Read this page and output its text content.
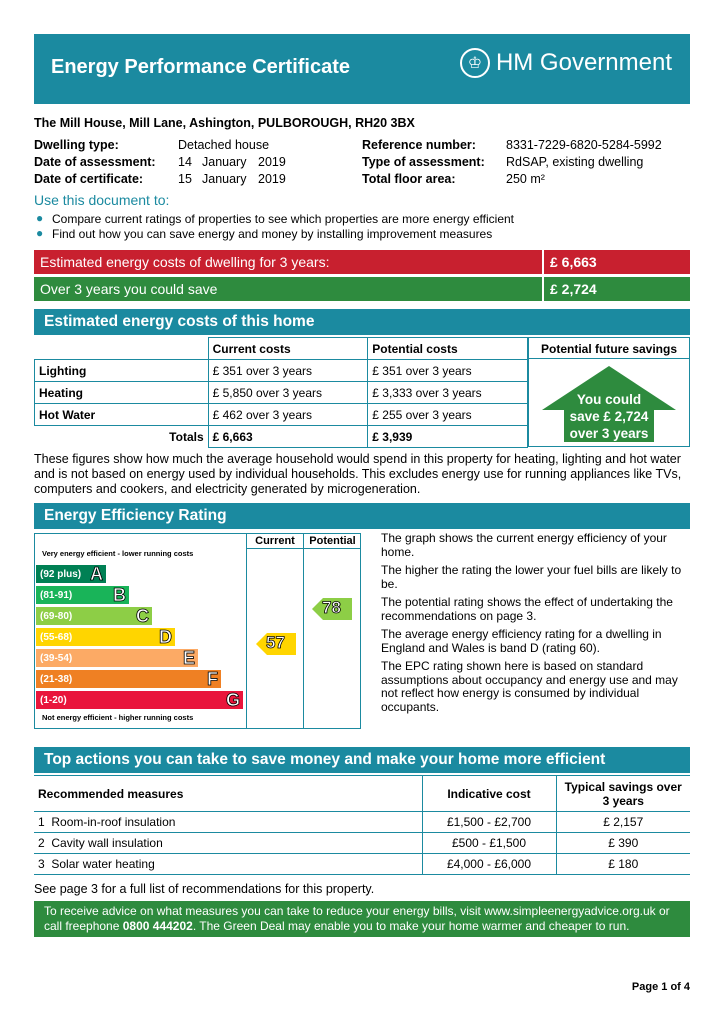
Energy Performance Certificate	♔ HM Government
The Mill House, Mill Lane, Ashington, PULBOROUGH, RH20 3BX
Dwelling type:	Detached house
Date of assessment: 14 January 2019
Date of certificate:	15 January 2019
Reference number: 8331-7229-6820-5284-5992
Type of assessment: RdSAP, existing dwelling
Total floor area:	250 m²
Use this document to:
● Compare current ratings of properties to see which properties are more energy efficient
● Find out how you can save energy and money by installing improvement measures
Estimated energy costs of dwelling for 3 years:	£ 6,663
Over 3 years you could save	£ 2,724
Estimated energy costs of this home
	Current costs	Potential costs
Lighting	£ 351 over 3 years	£ 351 over 3 years
Heating	£ 5,850 over 3 years	£ 3,333 over 3 years
Hot Water	£ 462 over 3 years	£ 255 over 3 years
Totals	£ 6,663	£ 3,939
Potential future savings
You could
save £ 2,724
over 3 years
These figures show how much the average household would spend in this property for heating, lighting and hot water and is not based on energy used by individual households. This excludes energy use for running appliances like TVs, computers and cookers, and electricity generated by microgeneration.
Energy Efficiency Rating
Current	Potential
Very energy efficient - lower running costs
Not energy efficient - higher running costs
(92 plus) A
(81-91) B
(69-80)	C
(55-68)	D
(39-54)	E
(21-38)	F
(1-20)	G
57
78
The graph shows the current energy efficiency of your home.
The higher the rating the lower your fuel bills are likely to be.
The potential rating shows the effect of undertaking the recommendations on page 3.
The average energy efficiency rating for a dwelling in England and Wales is band D (rating 60).
The EPC rating shown here is based on standard assumptions about occupancy and energy use and may not reflect how energy is consumed by individual occupants.
Top actions you can take to save money and make your home more efficient
Recommended measures	Indicative cost	Typical savings over 3 years
1 Room-in-roof insulation	£1,500 - £2,700	£ 2,157
2 Cavity wall insulation	£500 - £1,500	£ 390
3 Solar water heating	£4,000 - £6,000	£ 180
See page 3 for a full list of recommendations for this property.
To receive advice on what measures you can take to reduce your energy bills, visit www.simpleenergyadvice.org.uk or
call freephone 0800 444202. The Green Deal may enable you to make your home warmer and cheaper to run.
Page 1 of 4
